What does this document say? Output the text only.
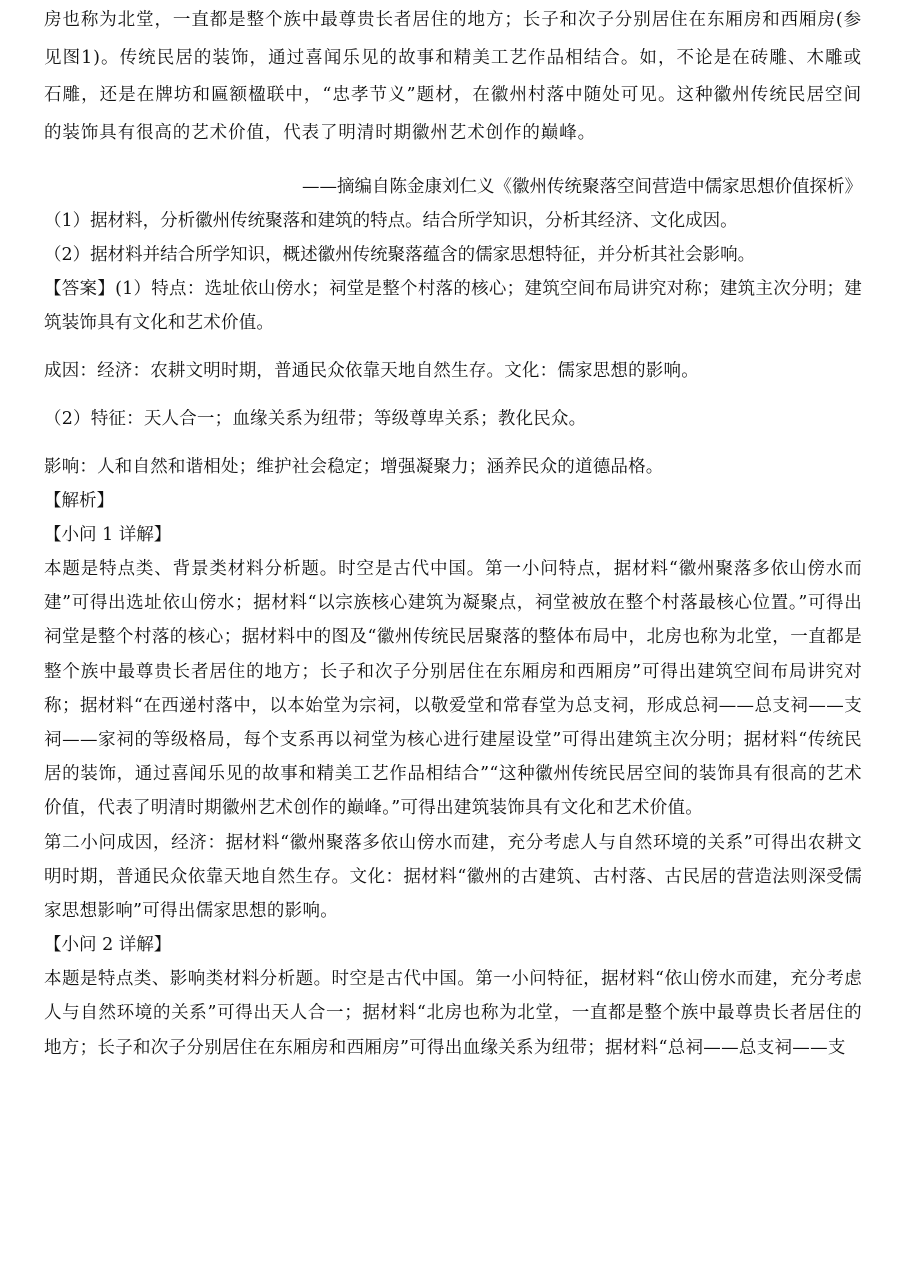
房也称为北堂，一直都是整个族中最尊贵长者居住的地方；长子和次子分别居住在东厢房和西厢房(参见图1)。传统民居的装饰，通过喜闻乐见的故事和精美工艺作品相结合。如，不论是在砖雕、木雕或石雕，还是在牌坊和匾额楹联中，“忠孝节义”题材，在徽州村落中随处可见。这种徽州传统民居空间的装饰具有很高的艺术价值，代表了明清时期徽州艺术创作的巅峰。

——摘编自陈金康刘仁义《徽州传统聚落空间营造中儒家思想价值探析》

（1）据材料，分析徽州传统聚落和建筑的特点。结合所学知识，分析其经济、文化成因。

（2）据材料并结合所学知识，概述徽州传统聚落蕴含的儒家思想特征，并分析其社会影响。

【答案】(1）特点：选址依山傍水；祠堂是整个村落的核心；建筑空间布局讲究对称；建筑主次分明；建筑装饰具有文化和艺术价值。

成因：经济：农耕文明时期，普通民众依靠天地自然生存。文化：儒家思想的影响。

（2）特征：天人合一；血缘关系为纽带；等级尊卑关系；教化民众。

影响：人和自然和谐相处；维护社会稳定；增强凝聚力；涵养民众的道德品格。

【解析】

【小问 1 详解】

本题是特点类、背景类材料分析题。时空是古代中国。第一小问特点，据材料“徽州聚落多依山傍水而建”可得出选址依山傍水；据材料“以宗族核心建筑为凝聚点，祠堂被放在整个村落最核心位置。”可得出祠堂是整个村落的核心；据材料中的图及“徽州传统民居聚落的整体布局中，北房也称为北堂，一直都是整个族中最尊贵长者居住的地方；长子和次子分别居住在东厢房和西厢房”可得出建筑空间布局讲究对称；据材料“在西递村落中，以本始堂为宗祠，以敬爱堂和常春堂为总支祠，形成总祠——总支祠——支祠——家祠的等级格局，每个支系再以祠堂为核心进行建屋设堂”可得出建筑主次分明；据材料“传统民居的装饰，通过喜闻乐见的故事和精美工艺作品相结合”“这种徽州传统民居空间的装饰具有很高的艺术价值，代表了明清时期徽州艺术创作的巅峰。”可得出建筑装饰具有文化和艺术价值。

第二小问成因，经济：据材料“徽州聚落多依山傍水而建，充分考虑人与自然环境的关系”可得出农耕文明时期，普通民众依靠天地自然生存。文化：据材料“徽州的古建筑、古村落、古民居的营造法则深受儒家思想影响”可得出儒家思想的影响。

【小问 2 详解】

本题是特点类、影响类材料分析题。时空是古代中国。第一小问特征，据材料“依山傍水而建，充分考虑人与自然环境的关系”可得出天人合一；据材料“北房也称为北堂，一直都是整个族中最尊贵长者居住的地方；长子和次子分别居住在东厢房和西厢房”可得出血缘关系为纽带；据材料“总祠——总支祠——支
